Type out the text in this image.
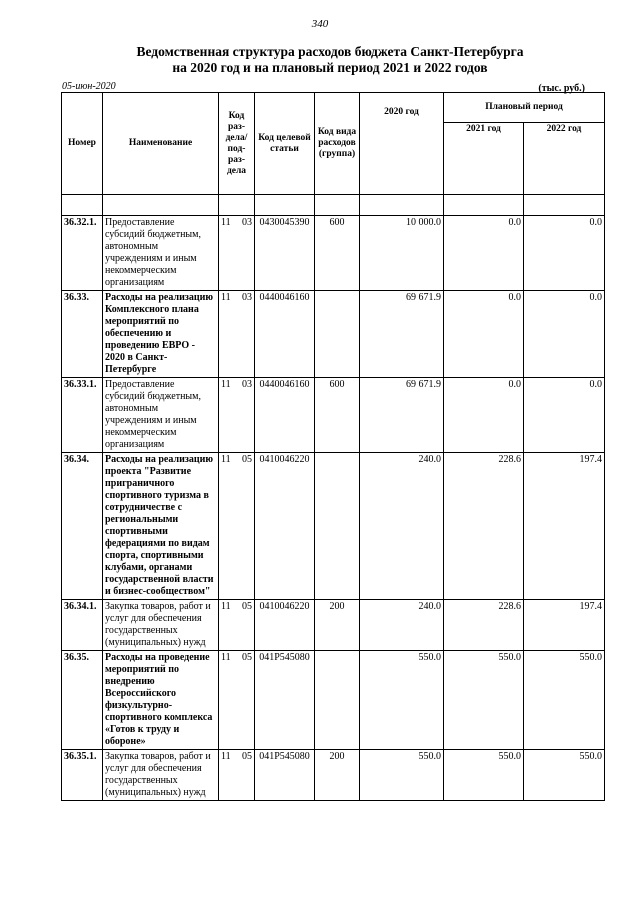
340
Ведомственная структура расходов бюджета Санкт-Петербурга
на 2020 год и на плановый период 2021 и 2022 годов
05-июн-2020	(тыс. руб.)
Номер	Наименование	Код раз-дела/ под-раз-дела		Код целевой статьи	Код вида расходов (группа)	2020 год	Плановый период	
							2021 год	2022 год

36.32.1.	Предоставление субсидий бюджетным, автономным учреждениям и иным некоммерческим организациям	11	03	0430045390	600	10 000.0	0.0	0.0
36.33.	Расходы на реализацию Комплексного плана мероприятий по обеспечению и проведению ЕВРО - 2020 в Санкт-Петербурге	11	03	0440046160		69 671.9	0.0	0.0
36.33.1.	Предоставление субсидий бюджетным, автономным учреждениям и иным некоммерческим организациям	11	03	0440046160	600	69 671.9	0.0	0.0
36.34.	Расходы на реализацию проекта "Развитие приграничного спортивного туризма в сотрудничестве с региональными спортивными федерациями по видам спорта, спортивными клубами, органами государственной власти и бизнес-сообществом"	11	05	0410046220		240.0	228.6	197.4
36.34.1.	Закупка товаров, работ и услуг для обеспечения государственных (муниципальных) нужд	11	05	0410046220	200	240.0	228.6	197.4
36.35.	Расходы на проведение мероприятий по внедрению Всероссийского физкультурно-спортивного комплекса «Готов к труду и обороне»	11	05	041P545080		550.0	550.0	550.0
36.35.1.	Закупка товаров, работ и услуг для обеспечения государственных (муниципальных) нужд	11	05	041P545080	200	550.0	550.0	550.0
